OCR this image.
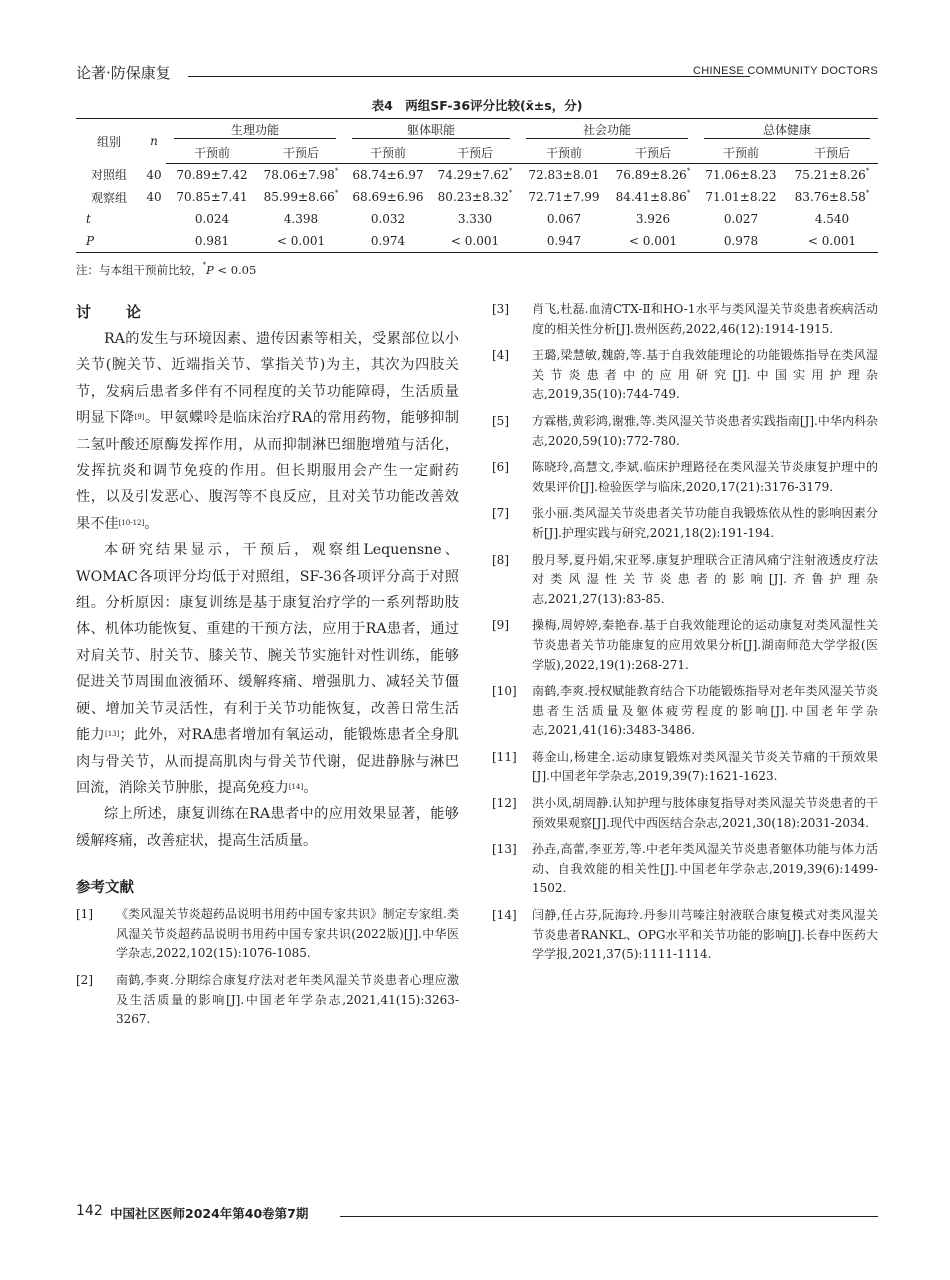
论著·防保康复	CHINESE COMMUNITY DOCTORS
表4　两组SF-36评分比较(x̄±s，分)
组别	n	生理功能		躯体职能		社会功能		总体健康	

		干预前	干预后	干预前	干预后	干预前	干预后	干预前	干预后
对照组	40	70.89±7.42	78.06±7.98*	68.74±6.97	74.29±7.62*	72.83±8.01	76.89±8.26*	71.06±8.23	75.21±8.26*
观察组	40	70.85±7.41	85.99±8.66*	68.69±6.96	80.23±8.32*	72.71±7.99	84.41±8.86*	71.01±8.22	83.76±8.58*
t		0.024	4.398	0.032	3.330	0.067	3.926	0.027	4.540
P		0.981	< 0.001	0.974	< 0.001	0.947	< 0.001	0.978	< 0.001
注：与本组干预前比较，*P < 0.05
讨　论

RA的发生与环境因素、遗传因素等相关，受累部位以小关节(腕关节、近端指关节、掌指关节)为主，其次为四肢关节，发病后患者多伴有不同程度的关节功能障碍，生活质量明显下降[9]。甲氨蝶呤是临床治疗RA的常用药物，能够抑制二氢叶酸还原酶发挥作用，从而抑制淋巴细胞增殖与活化，发挥抗炎和调节免疫的作用。但长期服用会产生一定耐药性，以及引发恶心、腹泻等不良反应，且对关节功能改善效果不佳[10-12]。

本研究结果显示，干预后，观察组Lequensne、WOMAC各项评分均低于对照组，SF-36各项评分高于对照组。分析原因：康复训练是基于康复治疗学的一系列帮助肢体、机体功能恢复、重建的干预方法，应用于RA患者，通过对肩关节、肘关节、膝关节、腕关节实施针对性训练，能够促进关节周围血液循环、缓解疼痛、增强肌力、减轻关节僵硬、增加关节灵活性，有利于关节功能恢复，改善日常生活能力[13]；此外，对RA患者增加有氧运动，能锻炼患者全身肌肉与骨关节，从而提高肌肉与骨关节代谢，促进静脉与淋巴回流，消除关节肿胀，提高免疫力[14]。

综上所述，康复训练在RA患者中的应用效果显著，能够缓解疼痛，改善症状，提高生活质量。

参考文献
[1] 《类风湿关节炎超药品说明书用药中国专家共识》制定专家组.类风湿关节炎超药品说明书用药中国专家共识(2022版)[J].中华医学杂志,2022,102(15):1076-1085.
[2] 南鹤,李爽.分期综合康复疗法对老年类风湿关节炎患者心理应激及生活质量的影响[J].中国老年学杂志,2021,41(15):3263-3267.
[3] 肖飞,杜磊.血清CTX-Ⅱ和HO-1水平与类风湿关节炎患者疾病活动度的相关性分析[J].贵州医药,2022,46(12):1914-1915.
[4] 王璐,梁慧敏,魏蔚,等.基于自我效能理论的功能锻炼指导在类风湿关节炎患者中的应用研究[J].中国实用护理杂志,2019,35(10):744-749.
[5] 方霖楷,黄彩鸿,谢雅,等.类风湿关节炎患者实践指南[J].中华内科杂志,2020,59(10):772-780.
[6] 陈晓玲,高慧文,李斌.临床护理路径在类风湿关节炎康复护理中的效果评价[J].检验医学与临床,2020,17(21):3176-3179.
[7] 张小丽.类风湿关节炎患者关节功能自我锻炼依从性的影响因素分析[J].护理实践与研究,2021,18(2):191-194.
[8] 殷月琴,夏丹娟,宋亚琴.康复护理联合正清风痛宁注射液透皮疗法对类风湿性关节炎患者的影响[J].齐鲁护理杂志,2021,27(13):83-85.
[9] 操梅,周婷婷,秦艳春.基于自我效能理论的运动康复对类风湿性关节炎患者关节功能康复的应用效果分析[J].湖南师范大学学报(医学版),2022,19(1):268-271.
[10] 南鹤,李爽.授权赋能教育结合下功能锻炼指导对老年类风湿关节炎患者生活质量及躯体疲劳程度的影响[J].中国老年学杂志,2021,41(16):3483-3486.
[11] 蒋金山,杨建全.运动康复锻炼对类风湿关节炎关节痛的干预效果[J].中国老年学杂志,2019,39(7):1621-1623.
[12] 洪小凤,胡周静.认知护理与肢体康复指导对类风湿关节炎患者的干预效果观察[J].现代中西医结合杂志,2021,30(18):2031-2034.
[13] 孙垚,高蕾,李亚芳,等.中老年类风湿关节炎患者躯体功能与体力活动、自我效能的相关性[J].中国老年学杂志,2019,39(6):1499-1502.
[14] 闫静,任占芬,阮海玲.丹参川芎嗪注射液联合康复模式对类风湿关节炎患者RANKL、OPG水平和关节功能的影响[J].长春中医药大学学报,2021,37(5):1111-1114.
142 中国社区医师2024年第40卷第7期
